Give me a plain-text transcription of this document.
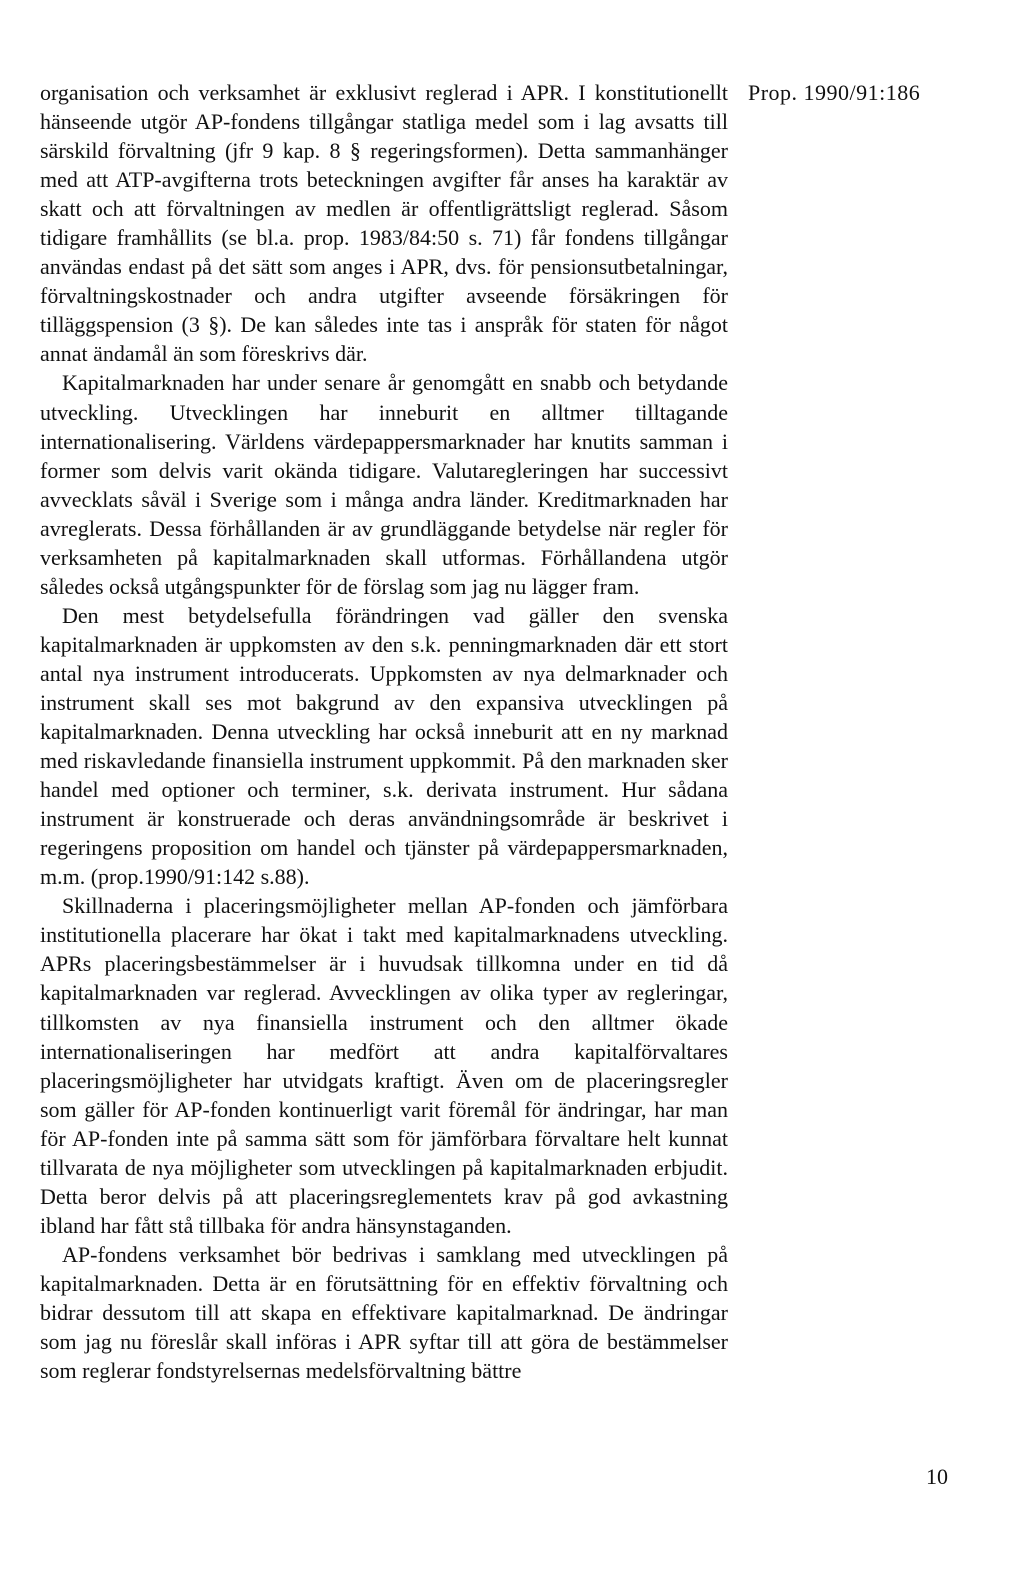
Prop. 1990/91:186

organisation och verksamhet är exklusivt reglerad i APR. I konstitutionellt hänseende utgör AP-fondens tillgångar statliga medel som i lag avsatts till särskild förvaltning (jfr 9 kap. 8 § regeringsformen). Detta sammanhänger med att ATP-avgifterna trots beteckningen avgifter får anses ha karaktär av skatt och att förvaltningen av medlen är offentligrättsligt reglerad. Såsom tidigare framhållits (se bl.a. prop. 1983/84:50 s. 71) får fondens tillgångar användas endast på det sätt som anges i APR, dvs. för pensionsutbetalningar, förvaltningskostnader och andra utgifter avseende försäkringen för tilläggspension (3 §). De kan således inte tas i anspråk för staten för något annat ändamål än som föreskrivs där.

Kapitalmarknaden har under senare år genomgått en snabb och betydande utveckling. Utvecklingen har inneburit en alltmer tilltagande internationalisering. Världens värdepappersmarknader har knutits samman i former som delvis varit okända tidigare. Valutaregleringen har successivt avvecklats såväl i Sverige som i många andra länder. Kreditmarknaden har avreglerats. Dessa förhållanden är av grundläggande betydelse när regler för verksamheten på kapitalmarknaden skall utformas. Förhållandena utgör således också utgångspunkter för de förslag som jag nu lägger fram.

Den mest betydelsefulla förändringen vad gäller den svenska kapitalmarknaden är uppkomsten av den s.k. penningmarknaden där ett stort antal nya instrument introducerats. Uppkomsten av nya delmarknader och instrument skall ses mot bakgrund av den expansiva utvecklingen på kapitalmarknaden. Denna utveckling har också inneburit att en ny marknad med riskavledande finansiella instrument uppkommit. På den marknaden sker handel med optioner och terminer, s.k. derivata instrument. Hur sådana instrument är konstruerade och deras användningsområde är beskrivet i regeringens proposition om handel och tjänster på värdepappersmarknaden, m.m. (prop.1990/91:142 s.88).

Skillnaderna i placeringsmöjligheter mellan AP-fonden och jämförbara institutionella placerare har ökat i takt med kapitalmarknadens utveckling. APRs placeringsbestämmelser är i huvudsak tillkomna under en tid då kapitalmarknaden var reglerad. Avvecklingen av olika typer av regleringar, tillkomsten av nya finansiella instrument och den alltmer ökade internationaliseringen har medfört att andra kapitalförvaltares placeringsmöjligheter har utvidgats kraftigt. Även om de placeringsregler som gäller för AP-fonden kontinuerligt varit föremål för ändringar, har man för AP-fonden inte på samma sätt som för jämförbara förvaltare helt kunnat tillvarata de nya möjligheter som utvecklingen på kapitalmarknaden erbjudit. Detta beror delvis på att placeringsreglementets krav på god avkastning ibland har fått stå tillbaka för andra hänsynstaganden.

AP-fondens verksamhet bör bedrivas i samklang med utvecklingen på kapitalmarknaden. Detta är en förutsättning för en effektiv förvaltning och bidrar dessutom till att skapa en effektivare kapitalmarknad. De ändringar som jag nu föreslår skall införas i APR syftar till att göra de bestämmelser som reglerar fondstyrelsernas medelsförvaltning bättre

10
